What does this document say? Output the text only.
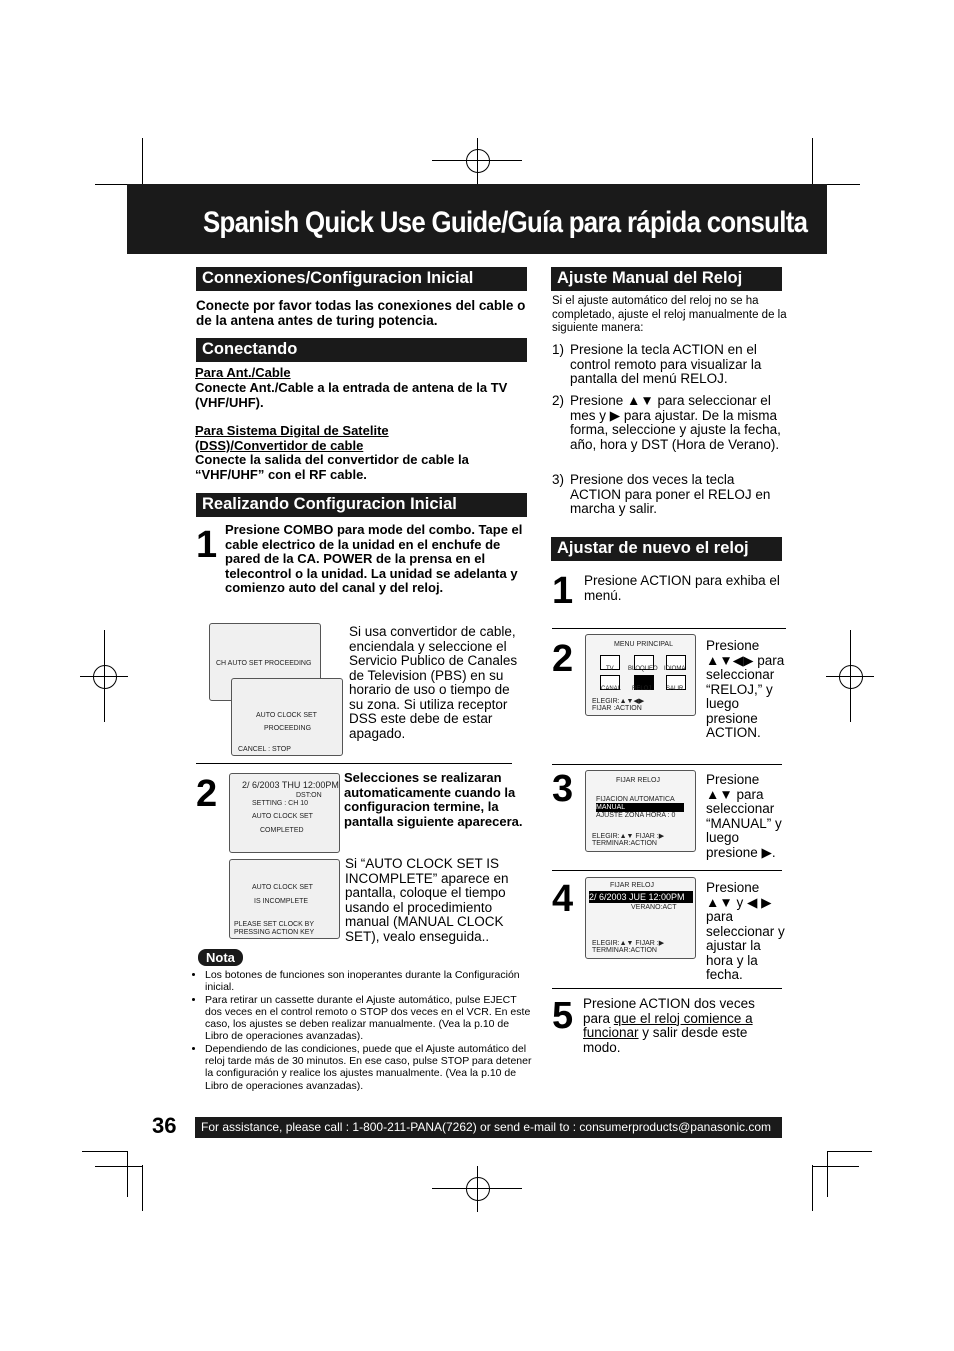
Spanish Quick Use Guide/Guía para rápida consulta
Connexiones/Configuracion Inicial
Conecte por favor todas las conexiones del cable o de la antena antes de turing potencia.
Conectando
Para Ant./Cable
Conecte Ant./Cable a la entrada de antena de la TV (VHF/UHF).
Para Sistema Digital de Satelite (DSS)/Convertidor de cable
Conecte la salida del convertidor de cable la “VHF/UHF” con el RF cable.
Realizando Configuracion Inicial
1 Presione COMBO para mode del combo. Tape el cable electrico de la unidad en el enchufe de pared de la CA. POWER de la prensa en el telecontrol o la unidad. La unidad se adelanta y comienzo auto del canal y del reloj.
CH AUTO SET PROCEEDING
AUTO CLOCK SET
PROCEEDING
CANCEL : STOP
Si usa convertidor de cable, enciendala y seleccione el Servicio Publico de Canales de Television (PBS) en su horario de uso o tiempo de su zona. Si utiliza receptor DSS este debe de estar apagado.
2	2/ 6/2003 THU 12:00PM
DST:ON
SETTING : CH 10
AUTO CLOCK SET
COMPLETED
Selecciones se realizaran automaticamente cuando la configuracion termine, la pantalla siguiente aparecera.
AUTO CLOCK SET
IS INCOMPLETE
PLEASE SET CLOCK BY
PRESSING ACTION KEY
Si “AUTO CLOCK SET IS INCOMPLETE” aparece en pantalla, coloque el tiempo usando el procedimiento manual (MANUAL CLOCK SET), vealo enseguida..
Nota
• Los botones de funciones son inoperantes durante la Configuración inicial.
• Para retirar un cassette durante el Ajuste automático, pulse EJECT dos veces en el control remoto o STOP dos veces en el VCR. En este caso, los ajustes se deben realizar manualmente. (Vea la p.10 de Libro de operaciones avanzadas).
• Dependiendo de las condiciones, puede que el Ajuste automático del reloj tarde más de 30 minutos. En ese caso, pulse STOP para detener la configuración y realice los ajustes manualmente. (Vea la p.10 de Libro de operaciones avanzadas).
Ajuste Manual del Reloj
Si el ajuste automático del reloj no se ha completado, ajuste el reloj manualmente de la siguiente manera:
1) Presione la tecla ACTION en el control remoto para visualizar la pantalla del menú RELOJ.
2) Presione ▲▼ para seleccionar el mes y ▶ para ajustar. De la misma forma, seleccione y ajuste la fecha, año, hora y DST (Hora de Verano).
3) Presione dos veces la tecla ACTION para poner el RELOJ en marcha y salir.
Ajustar de nuevo el reloj
1 Presione ACTION para exhiba el menú.
2	MENU PRINCIPAL
TV BLOQUEO IDIOMA
CANAL RELOJ SALIR
ELEGIR:▲▼◀▶
FIJAR :ACTION
Presione ▲▼◀▶ para seleccionar “RELOJ,” y luego presione ACTION.
3	FIJAR RELOJ
FIJACION AUTOMATICA
MANUAL
AJUSTE ZONA HORA : 0
ELEGIR:▲▼ FIJAR :▶
TERMINAR:ACTION
Presione ▲▼ para seleccionar “MANUAL” y luego presione ▶.
4	FIJAR RELOJ
2/ 6/2003 JUE 12:00PM
VERANO:ACT
ELEGIR:▲▼ FIJAR :▶
TERMINAR:ACTION
Presione ▲▼ y ◀ ▶ para seleccionar y ajustar la hora y la fecha.
5 Presione ACTION dos veces para que el reloj comience a funcionar y salir desde este modo.
36	For assistance, please call : 1-800-211-PANA(7262) or send e-mail to : consumerproducts@panasonic.com
